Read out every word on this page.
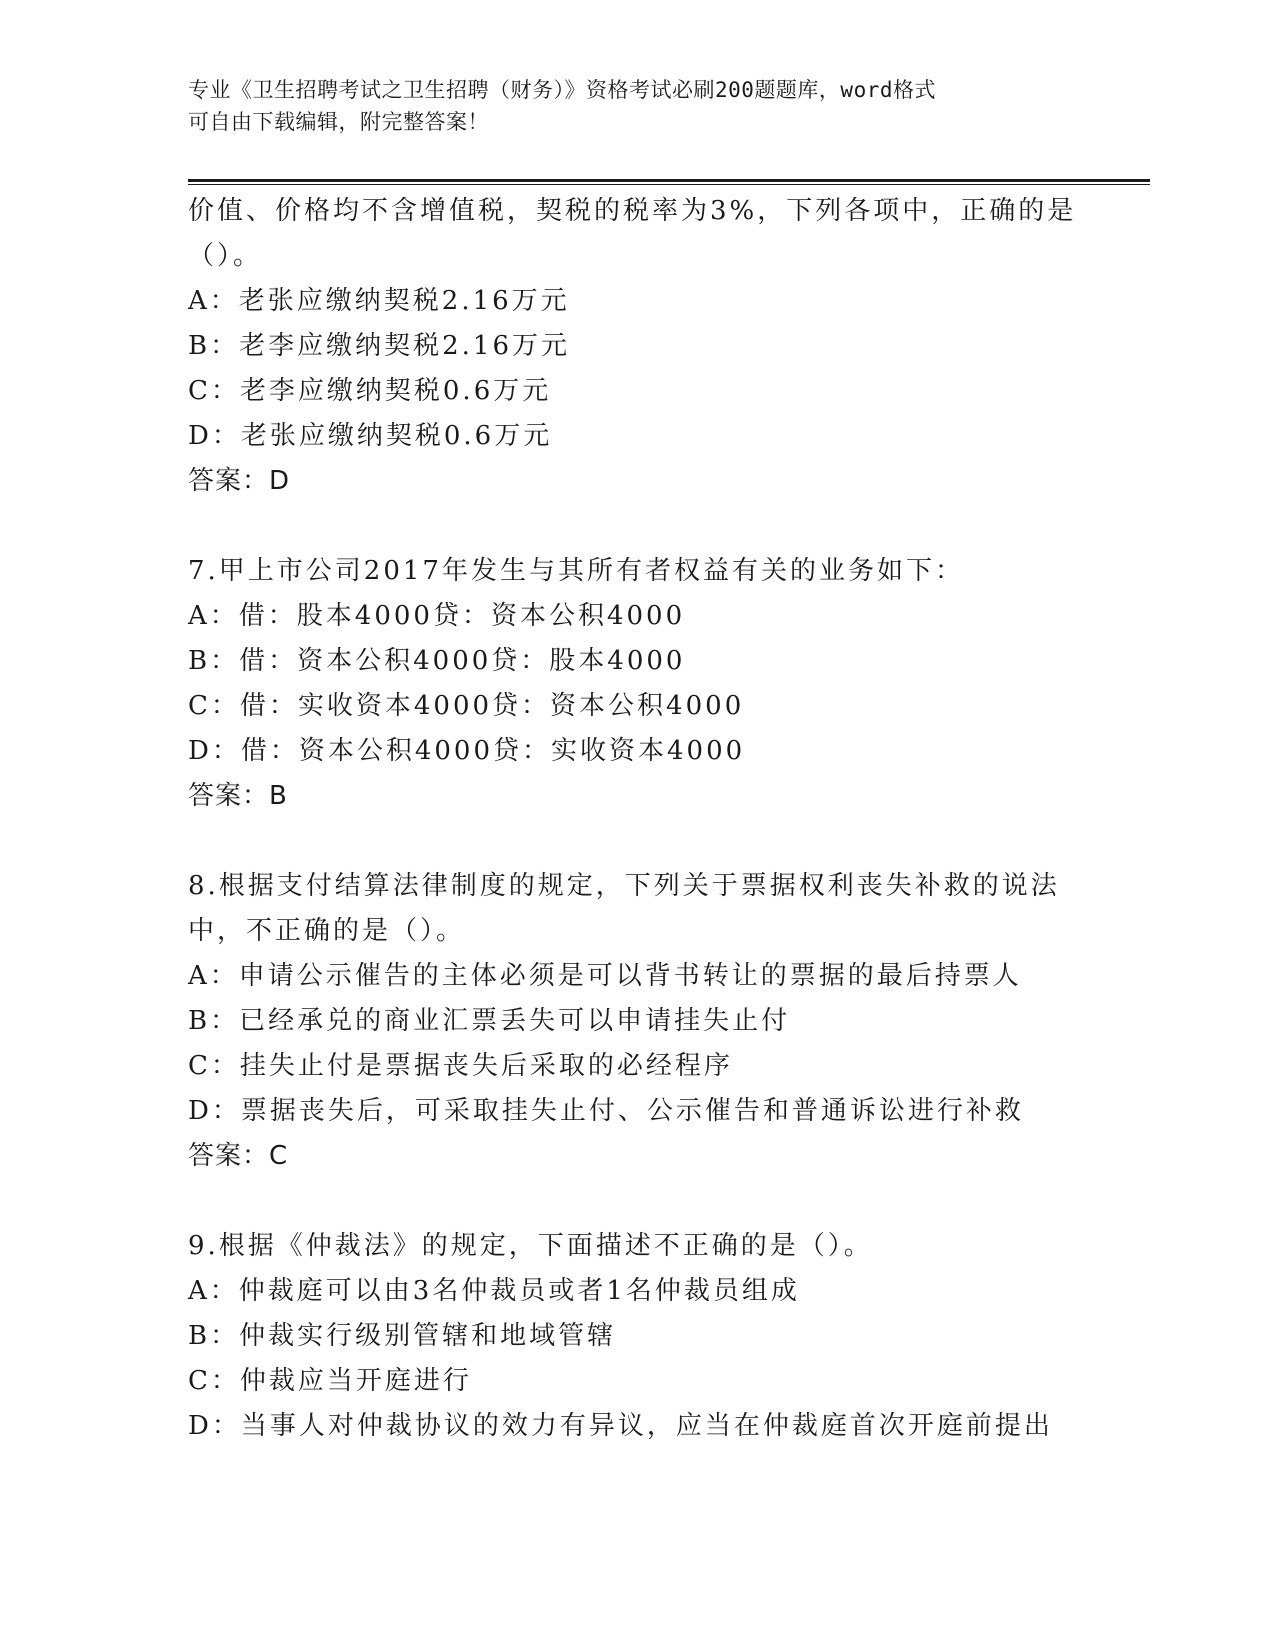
专业《卫生招聘考试之卫生招聘（财务）》资格考试必刷200题题库，word格式
可自由下载编辑，附完整答案！
价值、价格均不含增值税，契税的税率为3%，下列各项中，正确的是
（）。
A：老张应缴纳契税2.16万元
B：老李应缴纳契税2.16万元
C：老李应缴纳契税0.6万元
D：老张应缴纳契税0.6万元
答案：D
7.甲上市公司2017年发生与其所有者权益有关的业务如下：
A：借：股本4000贷：资本公积4000
B：借：资本公积4000贷：股本4000
C：借：实收资本4000贷：资本公积4000
D：借：资本公积4000贷：实收资本4000
答案：B
8.根据支付结算法律制度的规定，下列关于票据权利丧失补救的说法
中，不正确的是（）。
A：申请公示催告的主体必须是可以背书转让的票据的最后持票人
B：已经承兑的商业汇票丢失可以申请挂失止付
C：挂失止付是票据丧失后采取的必经程序
D：票据丧失后，可采取挂失止付、公示催告和普通诉讼进行补救
答案：C
9.根据《仲裁法》的规定，下面描述不正确的是（）。
A：仲裁庭可以由3名仲裁员或者1名仲裁员组成
B：仲裁实行级别管辖和地域管辖
C：仲裁应当开庭进行
D：当事人对仲裁协议的效力有异议，应当在仲裁庭首次开庭前提出
